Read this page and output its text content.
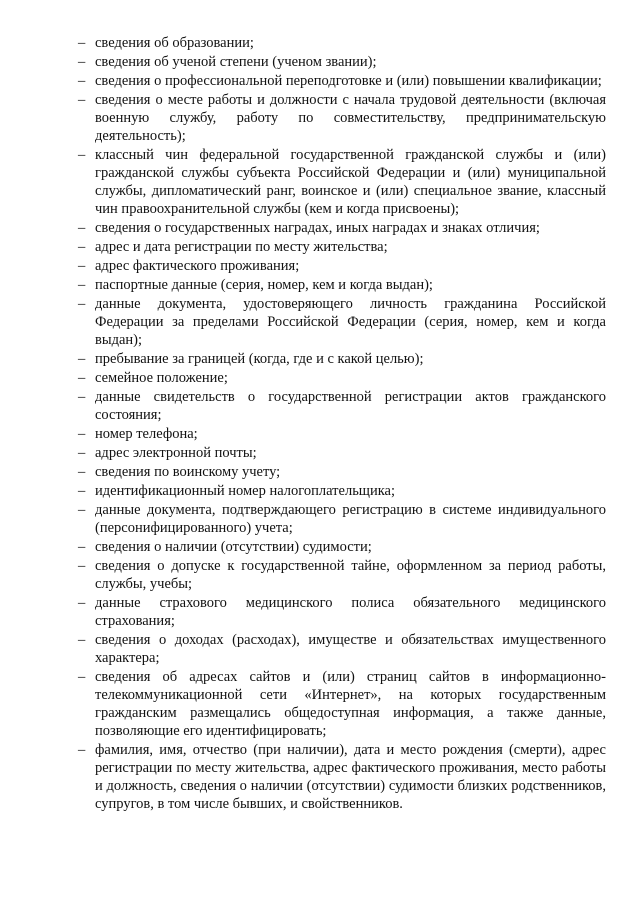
– сведения об образовании;
– сведения об ученой степени (ученом звании);
– сведения о профессиональной переподготовке и (или) повышении квалификации;
– сведения о месте работы и должности с начала трудовой деятельности (включая военную службу, работу по совместительству, предпринимательскую деятельность);
– классный чин федеральной государственной гражданской службы и (или) гражданской службы субъекта Российской Федерации и (или) муниципальной службы, дипломатический ранг, воинское и (или) специальное звание, классный чин правоохранительной службы (кем и когда присвоены);
– сведения о государственных наградах, иных наградах и знаках отличия;
– адрес и дата регистрации по месту жительства;
– адрес фактического проживания;
– паспортные данные (серия, номер, кем и когда выдан);
– данные документа, удостоверяющего личность гражданина Российской Федерации за пределами Российской Федерации (серия, номер, кем и когда выдан);
– пребывание за границей (когда, где и с какой целью);
– семейное положение;
– данные свидетельств о государственной регистрации актов гражданского состояния;
– номер телефона;
– адрес электронной почты;
– сведения по воинскому учету;
– идентификационный номер налогоплательщика;
– данные документа, подтверждающего регистрацию в системе индивидуального (персонифицированного) учета;
– сведения о наличии (отсутствии) судимости;
– сведения о допуске к государственной тайне, оформленном за период работы, службы, учебы;
– данные страхового медицинского полиса обязательного медицинского страхования;
– сведения о доходах (расходах), имуществе и обязательствах имущественного характера;
– сведения об адресах сайтов и (или) страниц сайтов в информационно-телекоммуникационной сети «Интернет», на которых государственным гражданским размещались общедоступная информация, а также данные, позволяющие его идентифицировать;
– фамилия, имя, отчество (при наличии), дата и место рождения (смерти), адрес регистрации по месту жительства, адрес фактического проживания, место работы и должность, сведения о наличии (отсутствии) судимости близких родственников, супругов, в том числе бывших, и свойственников.
